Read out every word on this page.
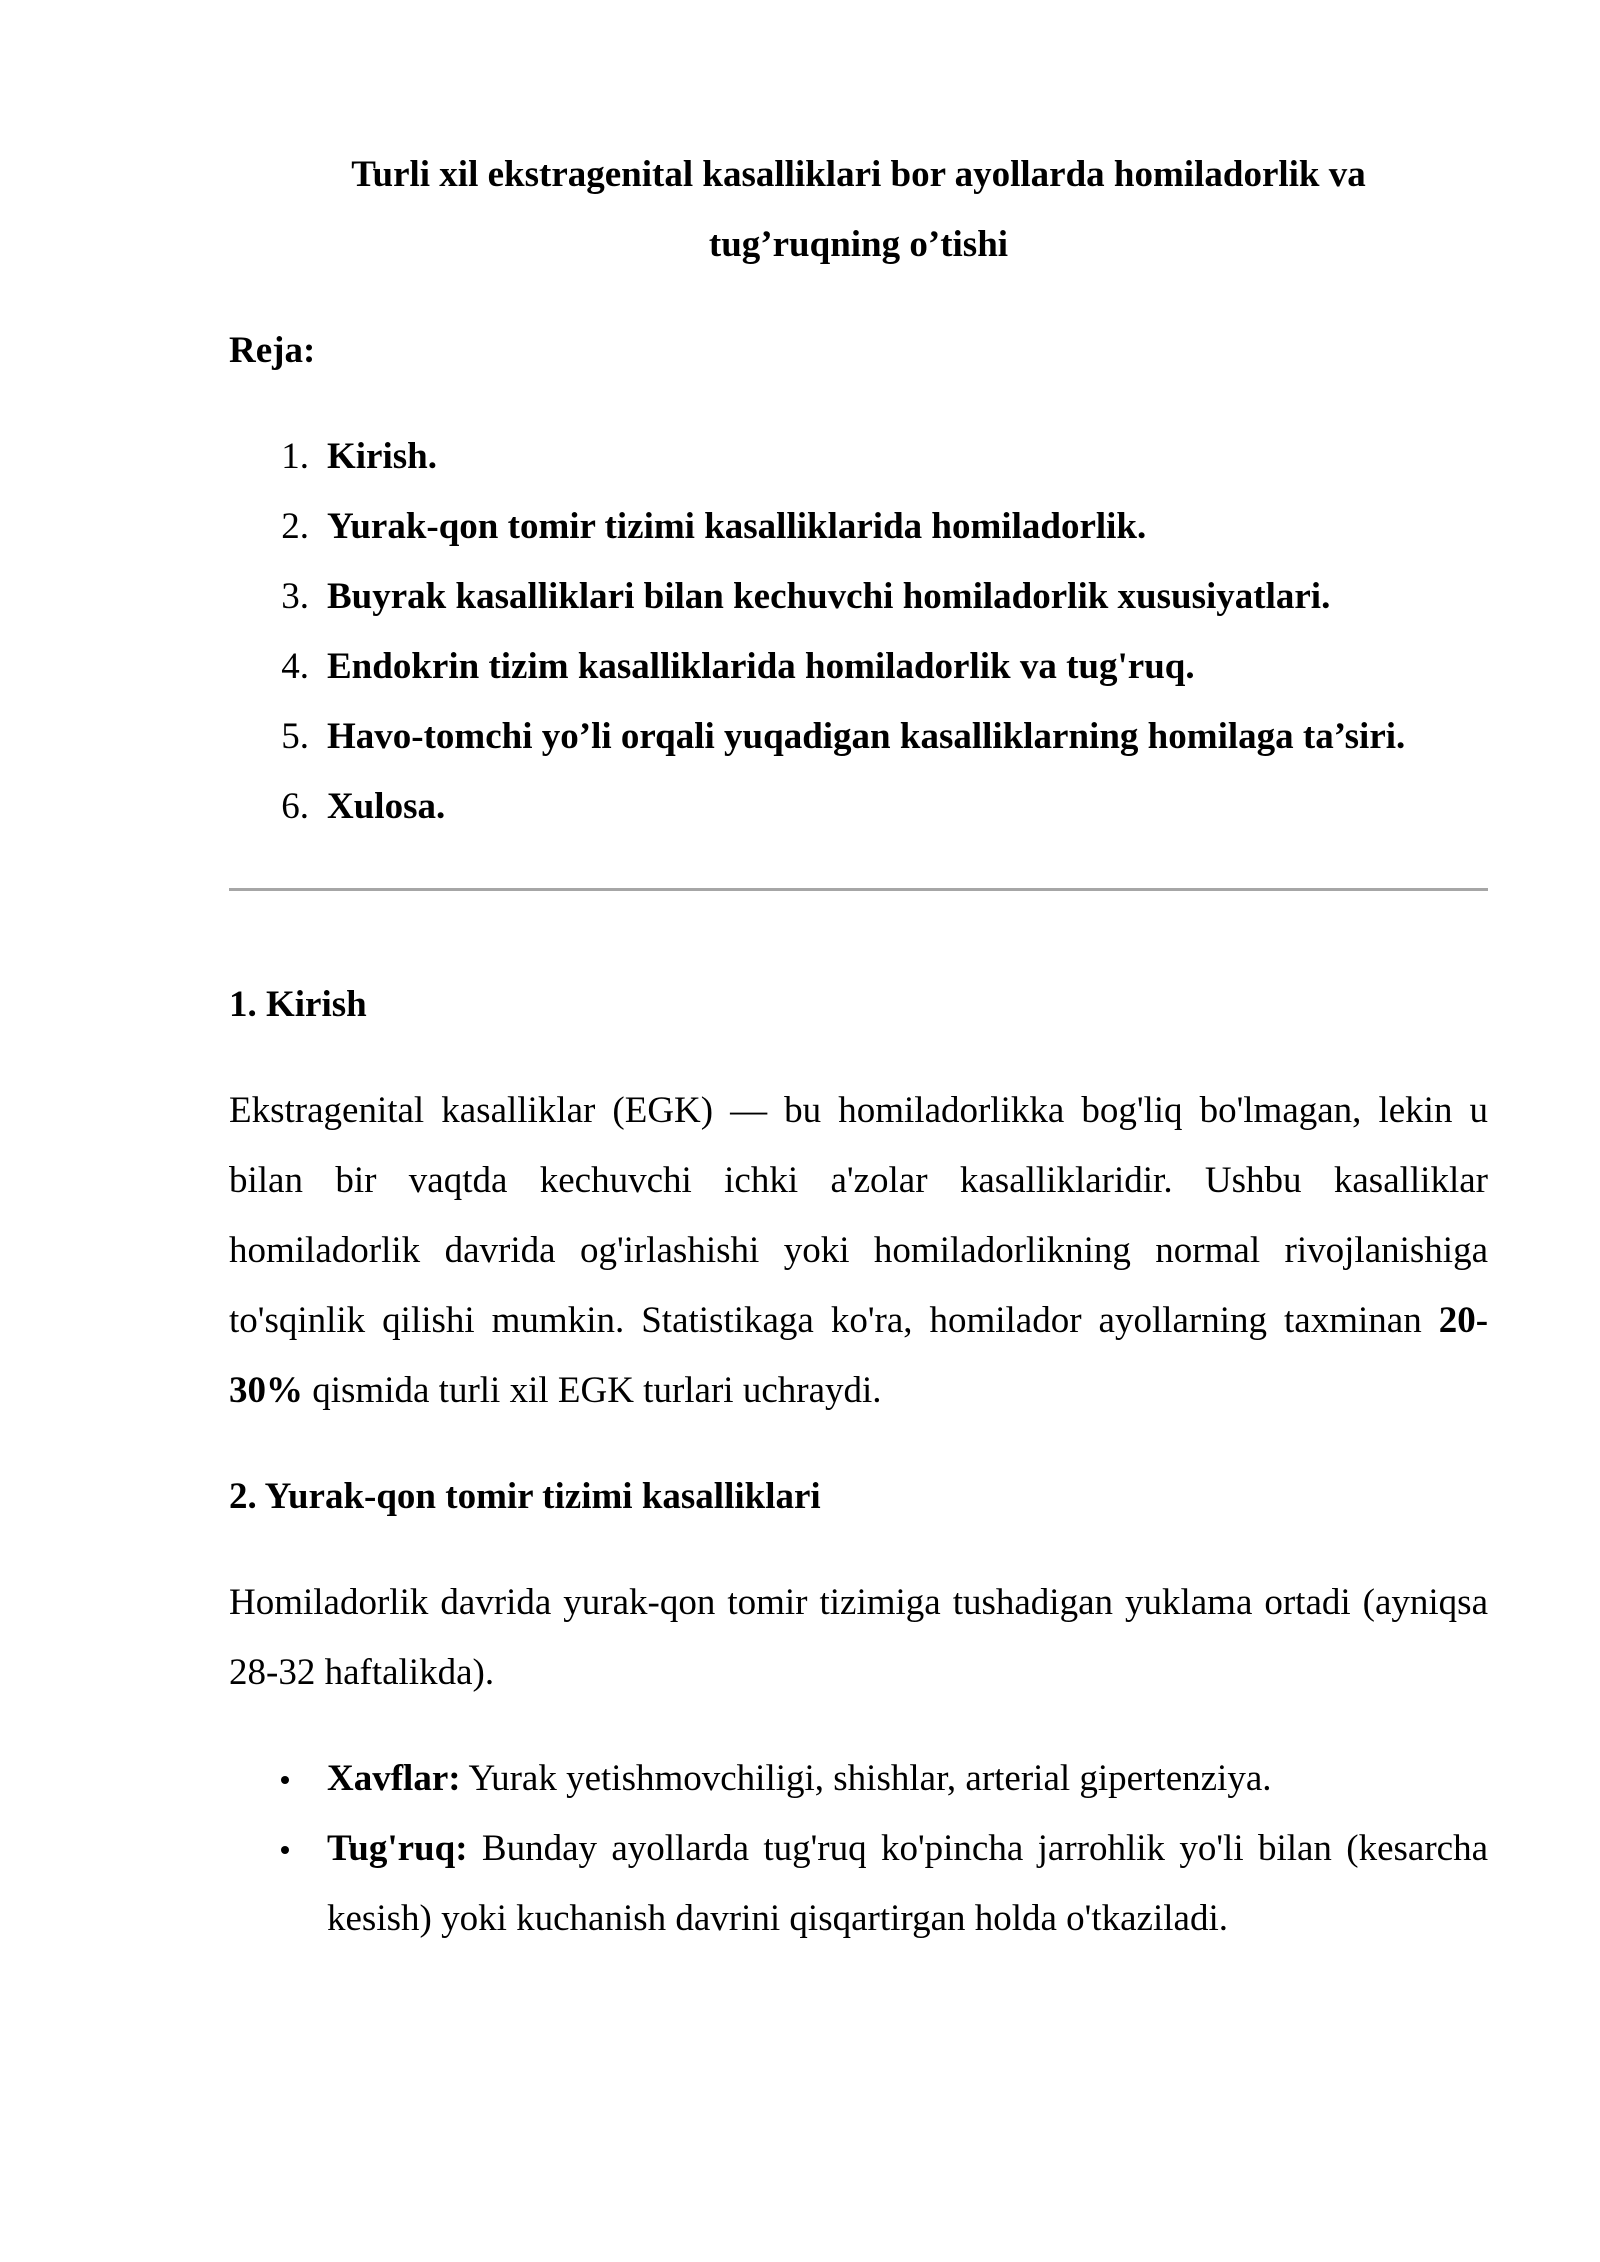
Turli xil ekstragenital kasalliklari bor ayollarda homiladorlik va
tug’ruqning o’tishi

Reja:

1. Kirish.
2. Yurak-qon tomir tizimi kasalliklarida homiladorlik.
3. Buyrak kasalliklari bilan kechuvchi homiladorlik xususiyatlari.
4. Endokrin tizim kasalliklarida homiladorlik va tug'ruq.
5. Havo-tomchi yo’li orqali yuqadigan kasalliklarning homilaga ta’siri.
6. Xulosa.
1. Kirish

Ekstragenital kasalliklar (EGK) — bu homiladorlikka bog'liq bo'lmagan, lekin u bilan bir vaqtda kechuvchi ichki a'zolar kasalliklaridir. Ushbu kasalliklar homiladorlik davrida og'irlashishi yoki homiladorlikning normal rivojlanishiga to'sqinlik qilishi mumkin. Statistikaga ko'ra, homilador ayollarning taxminan 20-30% qismida turli xil EGK turlari uchraydi.

2. Yurak-qon tomir tizimi kasalliklari

Homiladorlik davrida yurak-qon tomir tizimiga tushadigan yuklama ortadi (ayniqsa 28-32 haftalikda).

Xavflar: Yurak yetishmovchiligi, shishlar, arterial gipertenziya.
Tug'ruq: Bunday ayollarda tug'ruq ko'pincha jarrohlik yo'li bilan (kesarcha kesish) yoki kuchanish davrini qisqartirgan holda o'tkaziladi.
